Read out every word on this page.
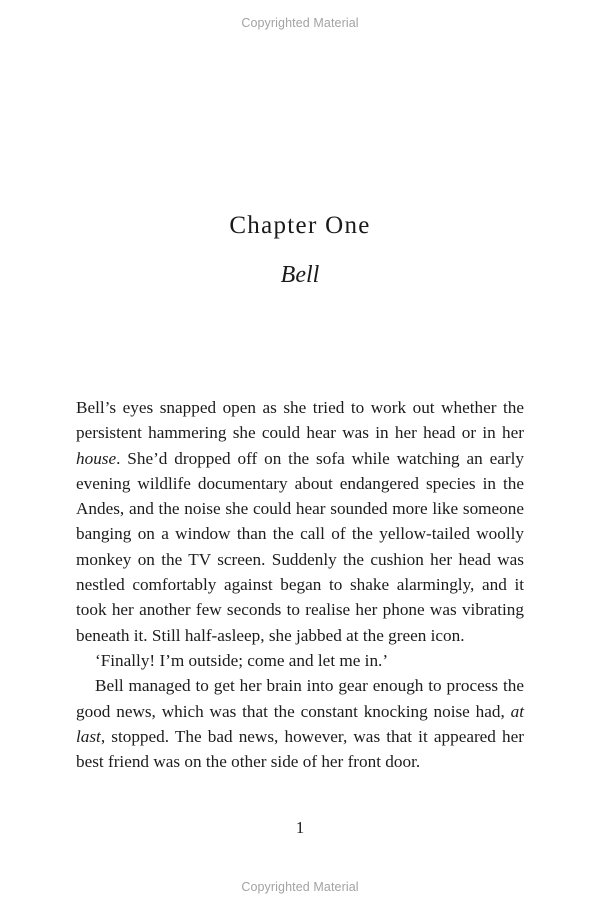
Copyrighted Material
Chapter One
Bell

Bell’s eyes snapped open as she tried to work out whether the persistent hammering she could hear was in her head or in her house. She’d dropped off on the sofa while watching an early evening wildlife documentary about endangered species in the Andes, and the noise she could hear sounded more like someone banging on a window than the call of the yellow-tailed woolly monkey on the TV screen. Suddenly the cushion her head was nestled comfortably against began to shake alarmingly, and it took her another few seconds to realise her phone was vibrating beneath it. Still half-asleep, she jabbed at the green icon.

‘Finally! I’m outside; come and let me in.’

Bell managed to get her brain into gear enough to process the good news, which was that the constant knocking noise had, at last, stopped. The bad news, however, was that it appeared her best friend was on the other side of her front door.

1
Copyrighted Material
